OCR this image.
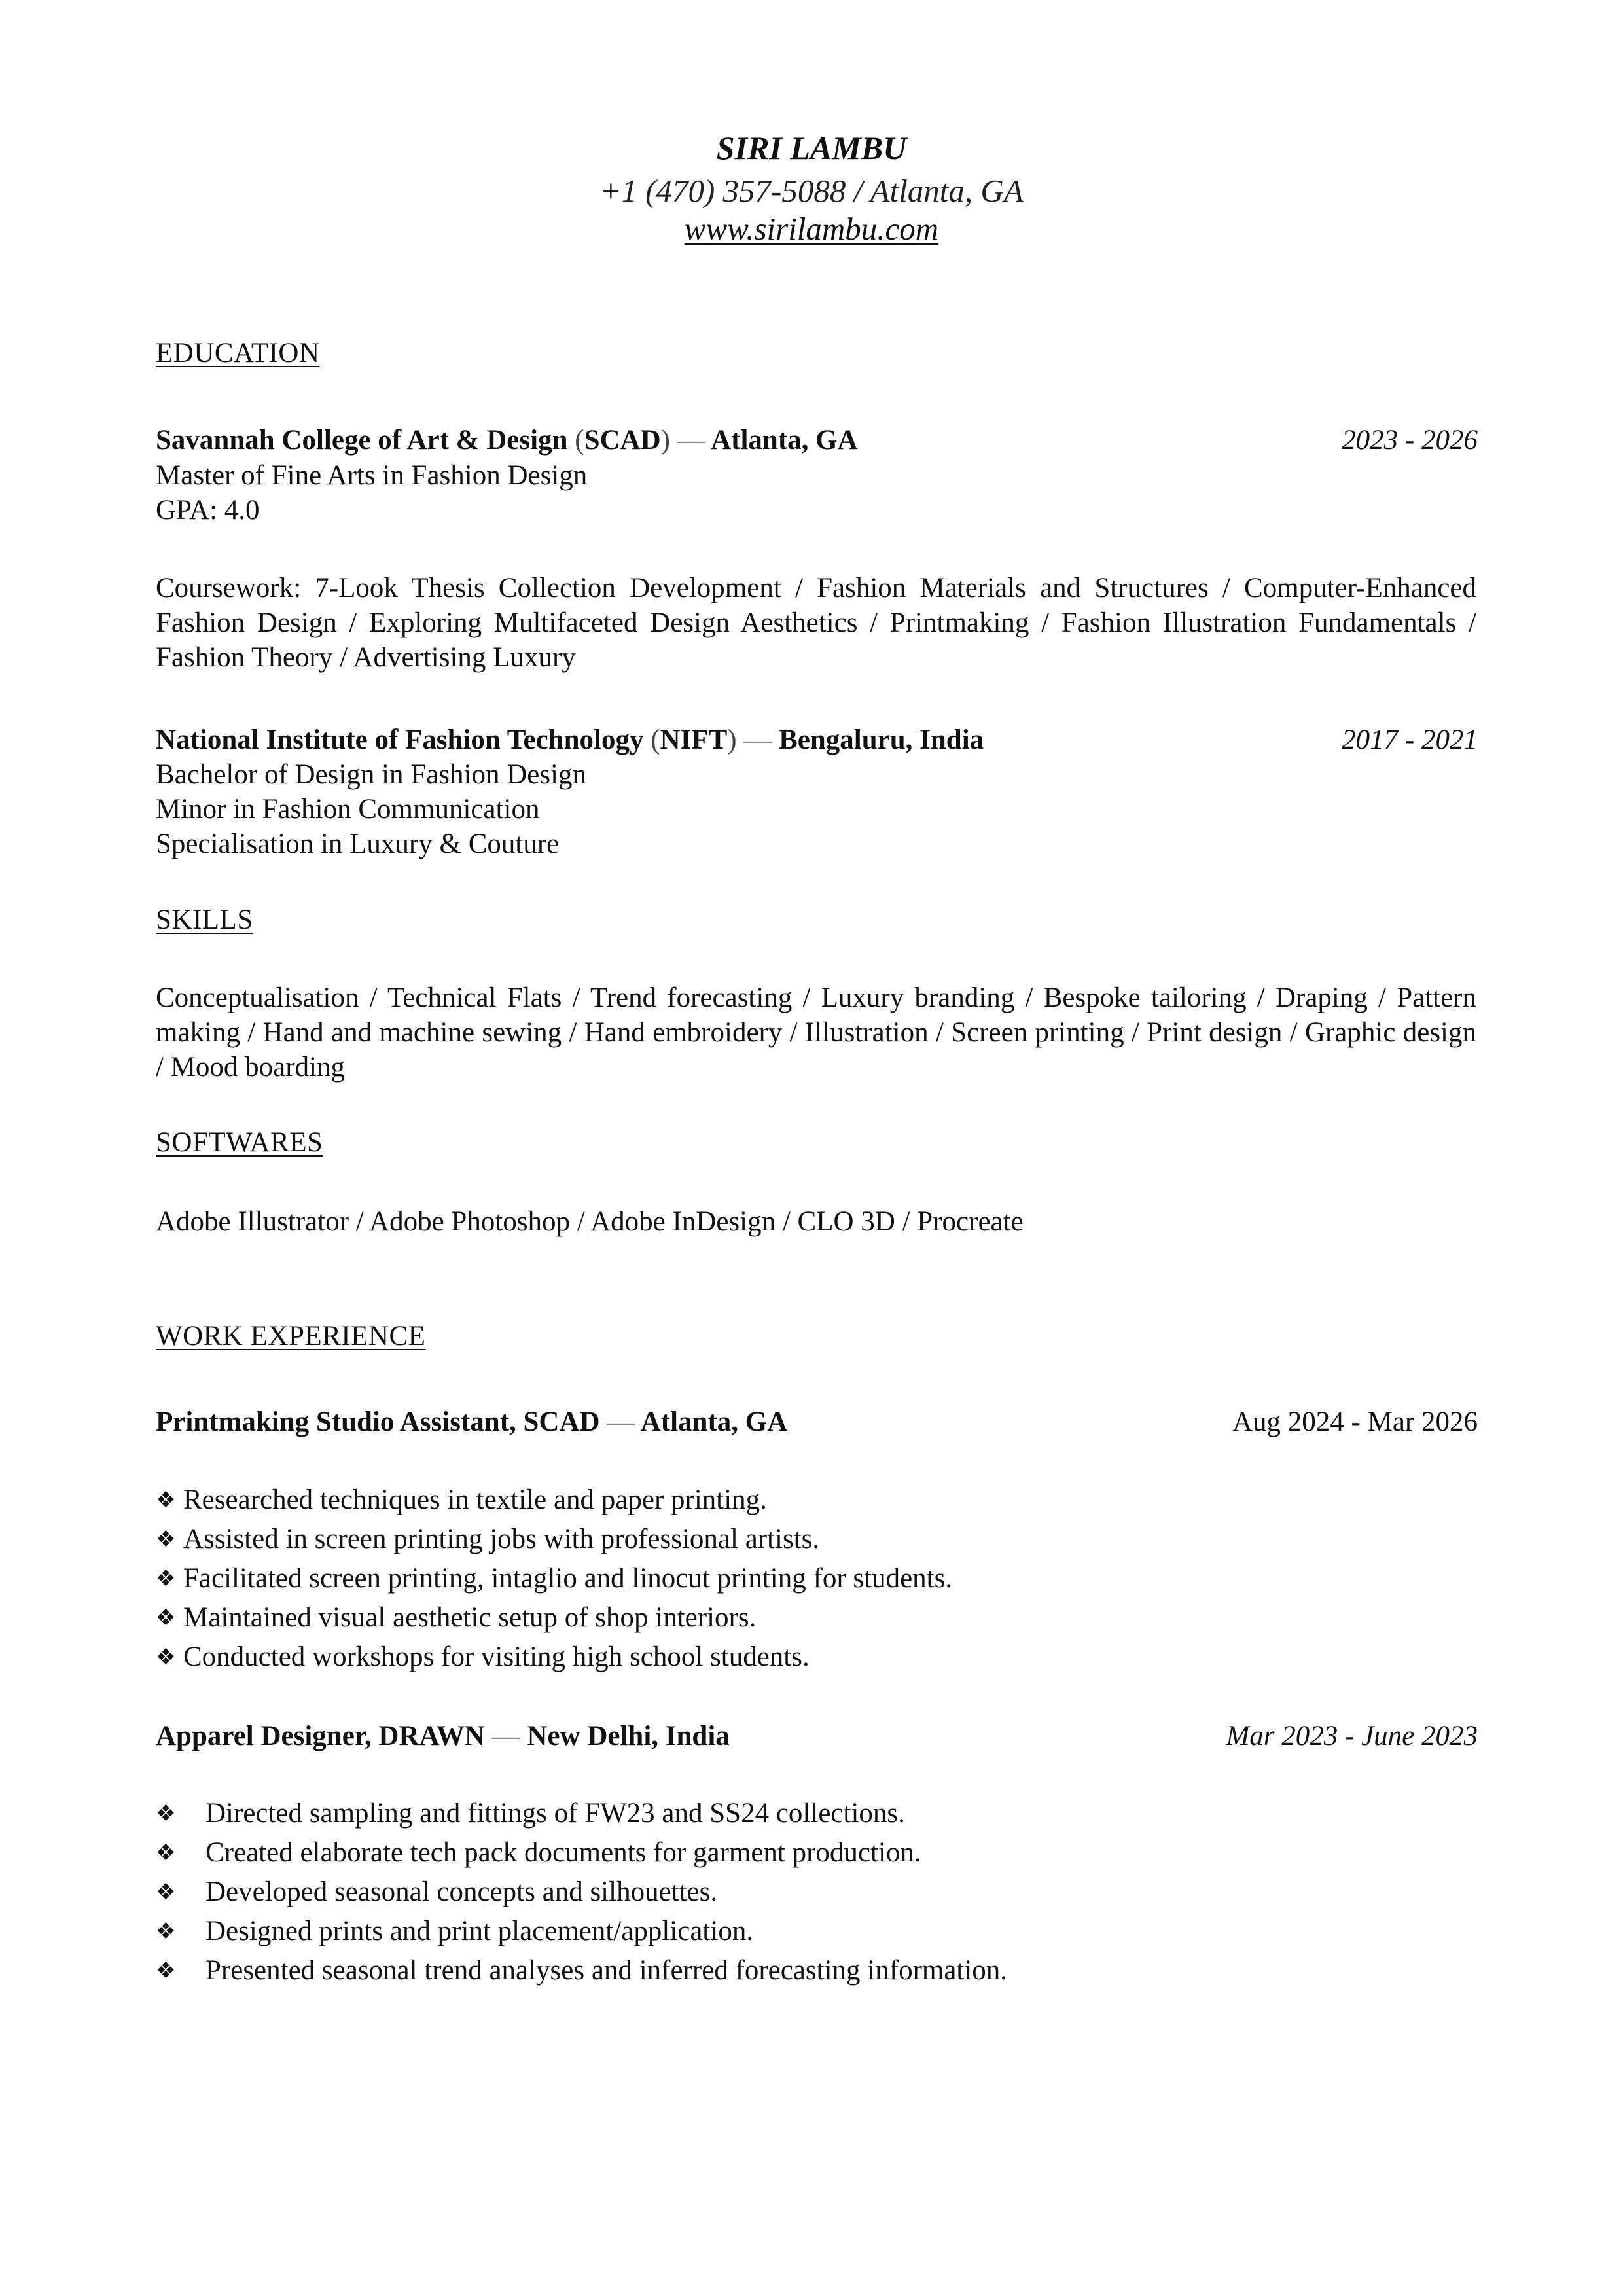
SIRI LAMBU
+1 (470) 357-5088 / Atlanta, GA
www.sirilambu.com
EDUCATION
Savannah College of Art & Design (SCAD) — Atlanta, GA	2023 - 2026
Master of Fine Arts in Fashion Design
GPA: 4.0
Coursework: 7-Look Thesis Collection Development / Fashion Materials and Structures / Computer-Enhanced Fashion Design / Exploring Multifaceted Design Aesthetics / Printmaking / Fashion Illustration Fundamentals / Fashion Theory / Advertising Luxury
National Institute of Fashion Technology (NIFT) — Bengaluru, India	2017 - 2021
Bachelor of Design in Fashion Design
Minor in Fashion Communication
Specialisation in Luxury & Couture
SKILLS
Conceptualisation / Technical Flats / Trend forecasting / Luxury branding / Bespoke tailoring / Draping / Pattern making / Hand and machine sewing / Hand embroidery / Illustration / Screen printing / Print design / Graphic design / Mood boarding
SOFTWARES
Adobe Illustrator / Adobe Photoshop / Adobe InDesign / CLO 3D / Procreate
WORK EXPERIENCE
Printmaking Studio Assistant, SCAD — Atlanta, GA	Aug 2024 - Mar 2026
❖ Researched techniques in textile and paper printing.
❖ Assisted in screen printing jobs with professional artists.
❖ Facilitated screen printing, intaglio and linocut printing for students.
❖ Maintained visual aesthetic setup of shop interiors.
❖ Conducted workshops for visiting high school students.
Apparel Designer, DRAWN — New Delhi, India	Mar 2023 - June 2023
❖ Directed sampling and fittings of FW23 and SS24 collections.
❖ Created elaborate tech pack documents for garment production.
❖ Developed seasonal concepts and silhouettes.
❖ Designed prints and print placement/application.
❖ Presented seasonal trend analyses and inferred forecasting information.
